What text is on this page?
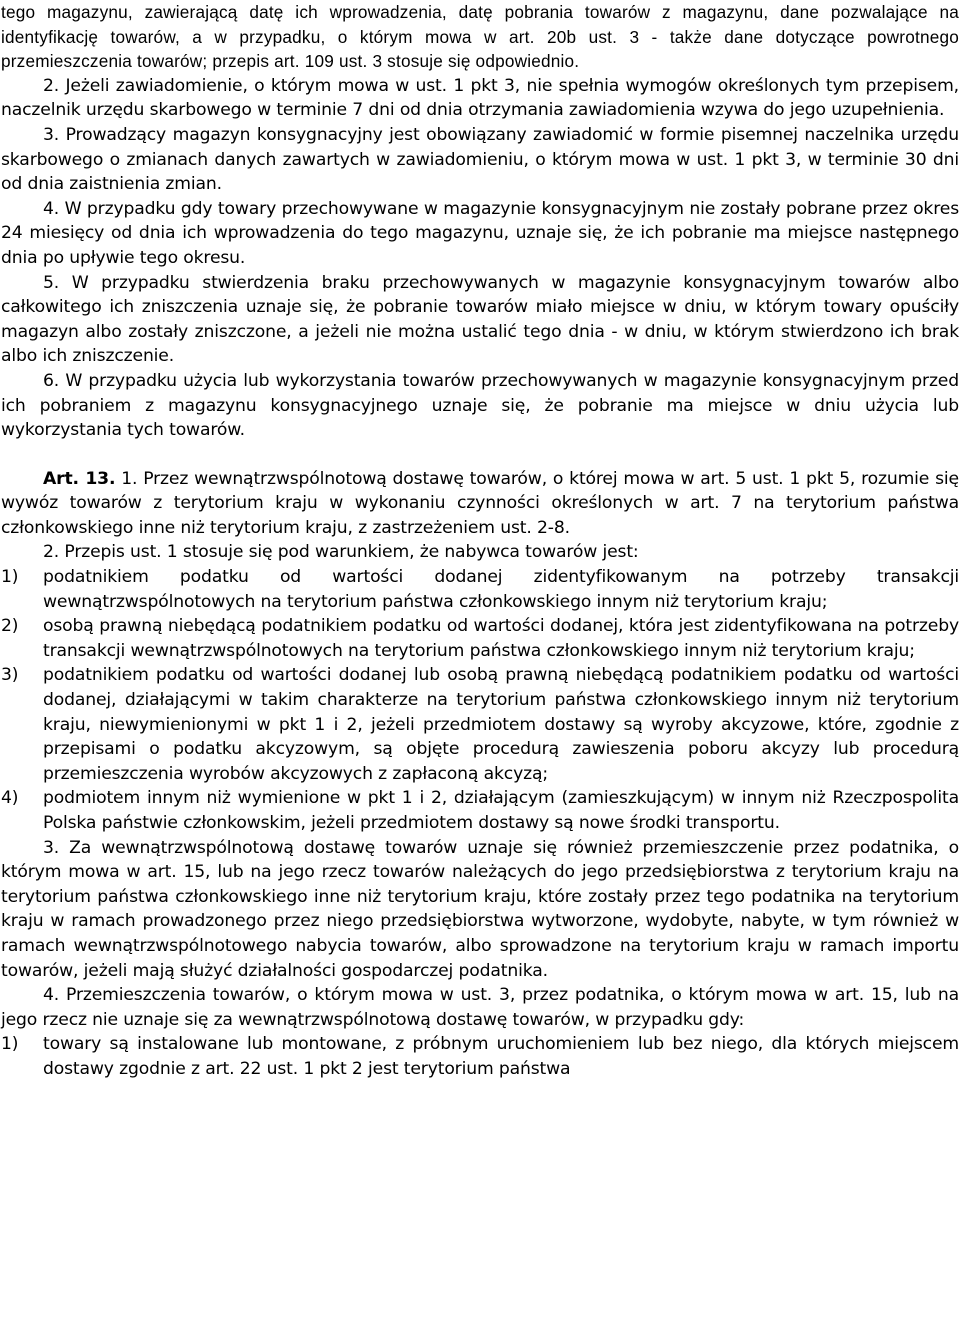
tego magazynu, zawierającą datę ich wprowadzenia, datę pobrania towarów z magazynu, dane pozwalające na identyfikację towarów, a w przypadku, o którym mowa w art. 20b ust. 3 - także dane dotyczące powrotnego przemieszczenia towarów; przepis art. 109 ust. 3 stosuje się odpowiednio.

2. Jeżeli zawiadomienie, o którym mowa w ust. 1 pkt 3, nie spełnia wymogów określonych tym przepisem, naczelnik urzędu skarbowego w terminie 7 dni od dnia otrzymania zawiadomienia wzywa do jego uzupełnienia.

3. Prowadzący magazyn konsygnacyjny jest obowiązany zawiadomić w formie pisemnej naczelnika urzędu skarbowego o zmianach danych zawartych w zawiadomieniu, o którym mowa w ust. 1 pkt 3, w terminie 30 dni od dnia zaistnienia zmian.

4. W przypadku gdy towary przechowywane w magazynie konsygnacyjnym nie zostały pobrane przez okres 24 miesięcy od dnia ich wprowadzenia do tego magazynu, uznaje się, że ich pobranie ma miejsce następnego dnia po upływie tego okresu.

5. W przypadku stwierdzenia braku przechowywanych w magazynie konsygnacyjnym towarów albo całkowitego ich zniszczenia uznaje się, że pobranie towarów miało miejsce w dniu, w którym towary opuściły magazyn albo zostały zniszczone, a jeżeli nie można ustalić tego dnia - w dniu, w którym stwierdzono ich brak albo ich zniszczenie.

6. W przypadku użycia lub wykorzystania towarów przechowywanych w magazynie konsygnacyjnym przed ich pobraniem z magazynu konsygnacyjnego uznaje się, że pobranie ma miejsce w dniu użycia lub wykorzystania tych towarów.

Art. 13. 1. Przez wewnątrzwspólnotową dostawę towarów, o której mowa w art. 5 ust. 1 pkt 5, rozumie się wywóz towarów z terytorium kraju w wykonaniu czynności określonych w art. 7 na terytorium państwa członkowskiego inne niż terytorium kraju, z zastrzeżeniem ust. 2-8.

2. Przepis ust. 1 stosuje się pod warunkiem, że nabywca towarów jest:

1)	podatnikiem podatku od wartości dodanej zidentyfikowanym na potrzeby transakcji wewnątrzwspólnotowych na terytorium państwa członkowskiego innym niż terytorium kraju;
2)	osobą prawną niebędącą podatnikiem podatku od wartości dodanej, która jest zidentyfikowana na potrzeby transakcji wewnątrzwspólnotowych na terytorium państwa członkowskiego innym niż terytorium kraju;
3)	podatnikiem podatku od wartości dodanej lub osobą prawną niebędącą podatnikiem podatku od wartości dodanej, działającymi w takim charakterze na terytorium państwa członkowskiego innym niż terytorium kraju, niewymienionymi w pkt 1 i 2, jeżeli przedmiotem dostawy są wyroby akcyzowe, które, zgodnie z przepisami o podatku akcyzowym, są objęte procedurą zawieszenia poboru akcyzy lub procedurą przemieszczenia wyrobów akcyzowych z zapłaconą akcyzą;
4)	podmiotem innym niż wymienione w pkt 1 i 2, działającym (zamieszkującym) w innym niż Rzeczpospolita Polska państwie członkowskim, jeżeli przedmiotem dostawy są nowe środki transportu.

3. Za wewnątrzwspólnotową dostawę towarów uznaje się również przemieszczenie przez podatnika, o którym mowa w art. 15, lub na jego rzecz towarów należących do jego przedsiębiorstwa z terytorium kraju na terytorium państwa członkowskiego inne niż terytorium kraju, które zostały przez tego podatnika na terytorium kraju w ramach prowadzonego przez niego przedsiębiorstwa wytworzone, wydobyte, nabyte, w tym również w ramach wewnątrzwspólnotowego nabycia towarów, albo sprowadzone na terytorium kraju w ramach importu towarów, jeżeli mają służyć działalności gospodarczej podatnika.

4. Przemieszczenia towarów, o którym mowa w ust. 3, przez podatnika, o którym mowa w art. 15, lub na jego rzecz nie uznaje się za wewnątrzwspólnotową dostawę towarów, w przypadku gdy:

1)	towary są instalowane lub montowane, z próbnym uruchomieniem lub bez niego, dla których miejscem dostawy zgodnie z art. 22 ust. 1 pkt 2 jest terytorium państwa
